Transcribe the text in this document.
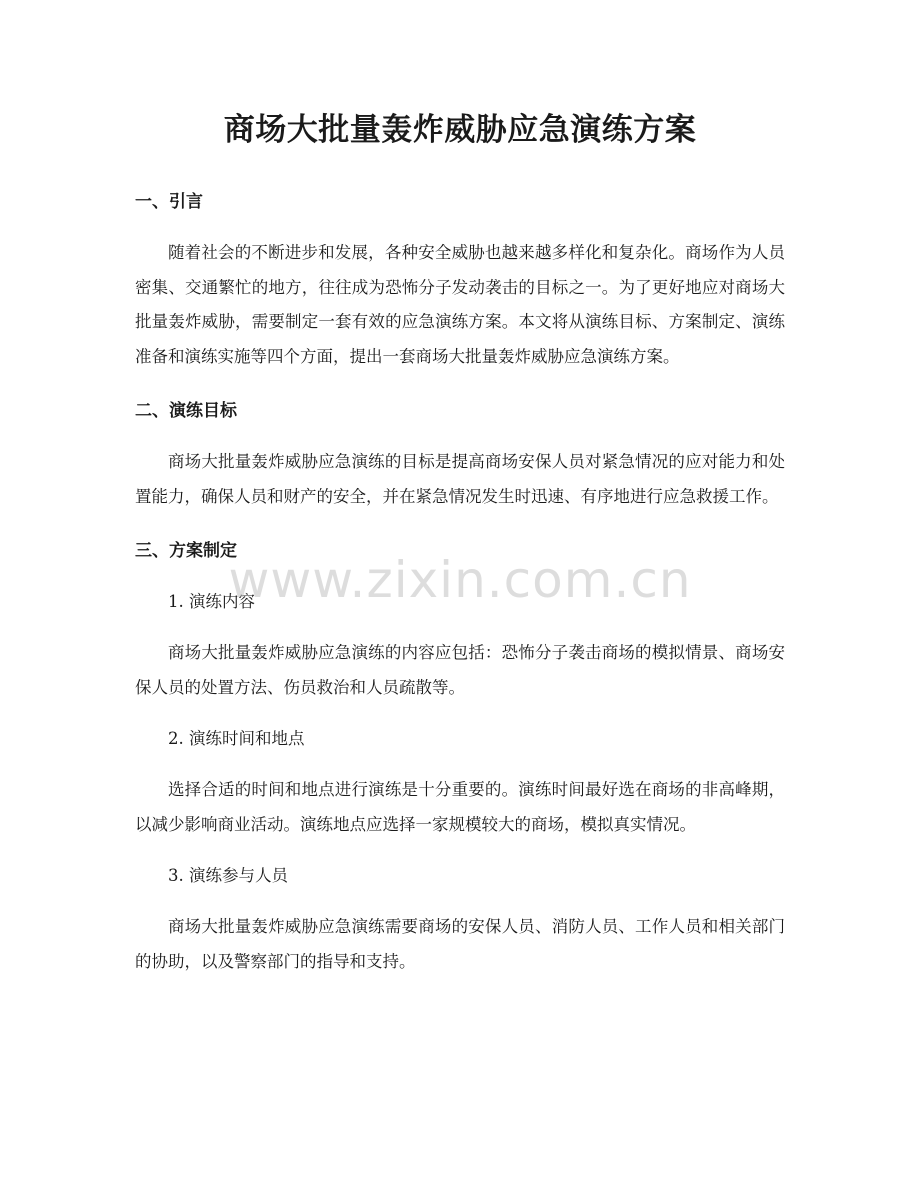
商场大批量轰炸威胁应急演练方案
一、引言

随着社会的不断进步和发展，各种安全威胁也越来越多样化和复杂化。商场作为人员密集、交通繁忙的地方，往往成为恐怖分子发动袭击的目标之一。为了更好地应对商场大批量轰炸威胁，需要制定一套有效的应急演练方案。本文将从演练目标、方案制定、演练准备和演练实施等四个方面，提出一套商场大批量轰炸威胁应急演练方案。

二、演练目标

商场大批量轰炸威胁应急演练的目标是提高商场安保人员对紧急情况的应对能力和处置能力，确保人员和财产的安全，并在紧急情况发生时迅速、有序地进行应急救援工作。

三、方案制定

1. 演练内容

商场大批量轰炸威胁应急演练的内容应包括：恐怖分子袭击商场的模拟情景、商场安保人员的处置方法、伤员救治和人员疏散等。

2. 演练时间和地点

选择合适的时间和地点进行演练是十分重要的。演练时间最好选在商场的非高峰期，以减少影响商业活动。演练地点应选择一家规模较大的商场，模拟真实情况。

3. 演练参与人员

商场大批量轰炸威胁应急演练需要商场的安保人员、消防人员、工作人员和相关部门的协助，以及警察部门的指导和支持。

www.zixin.com.cn
